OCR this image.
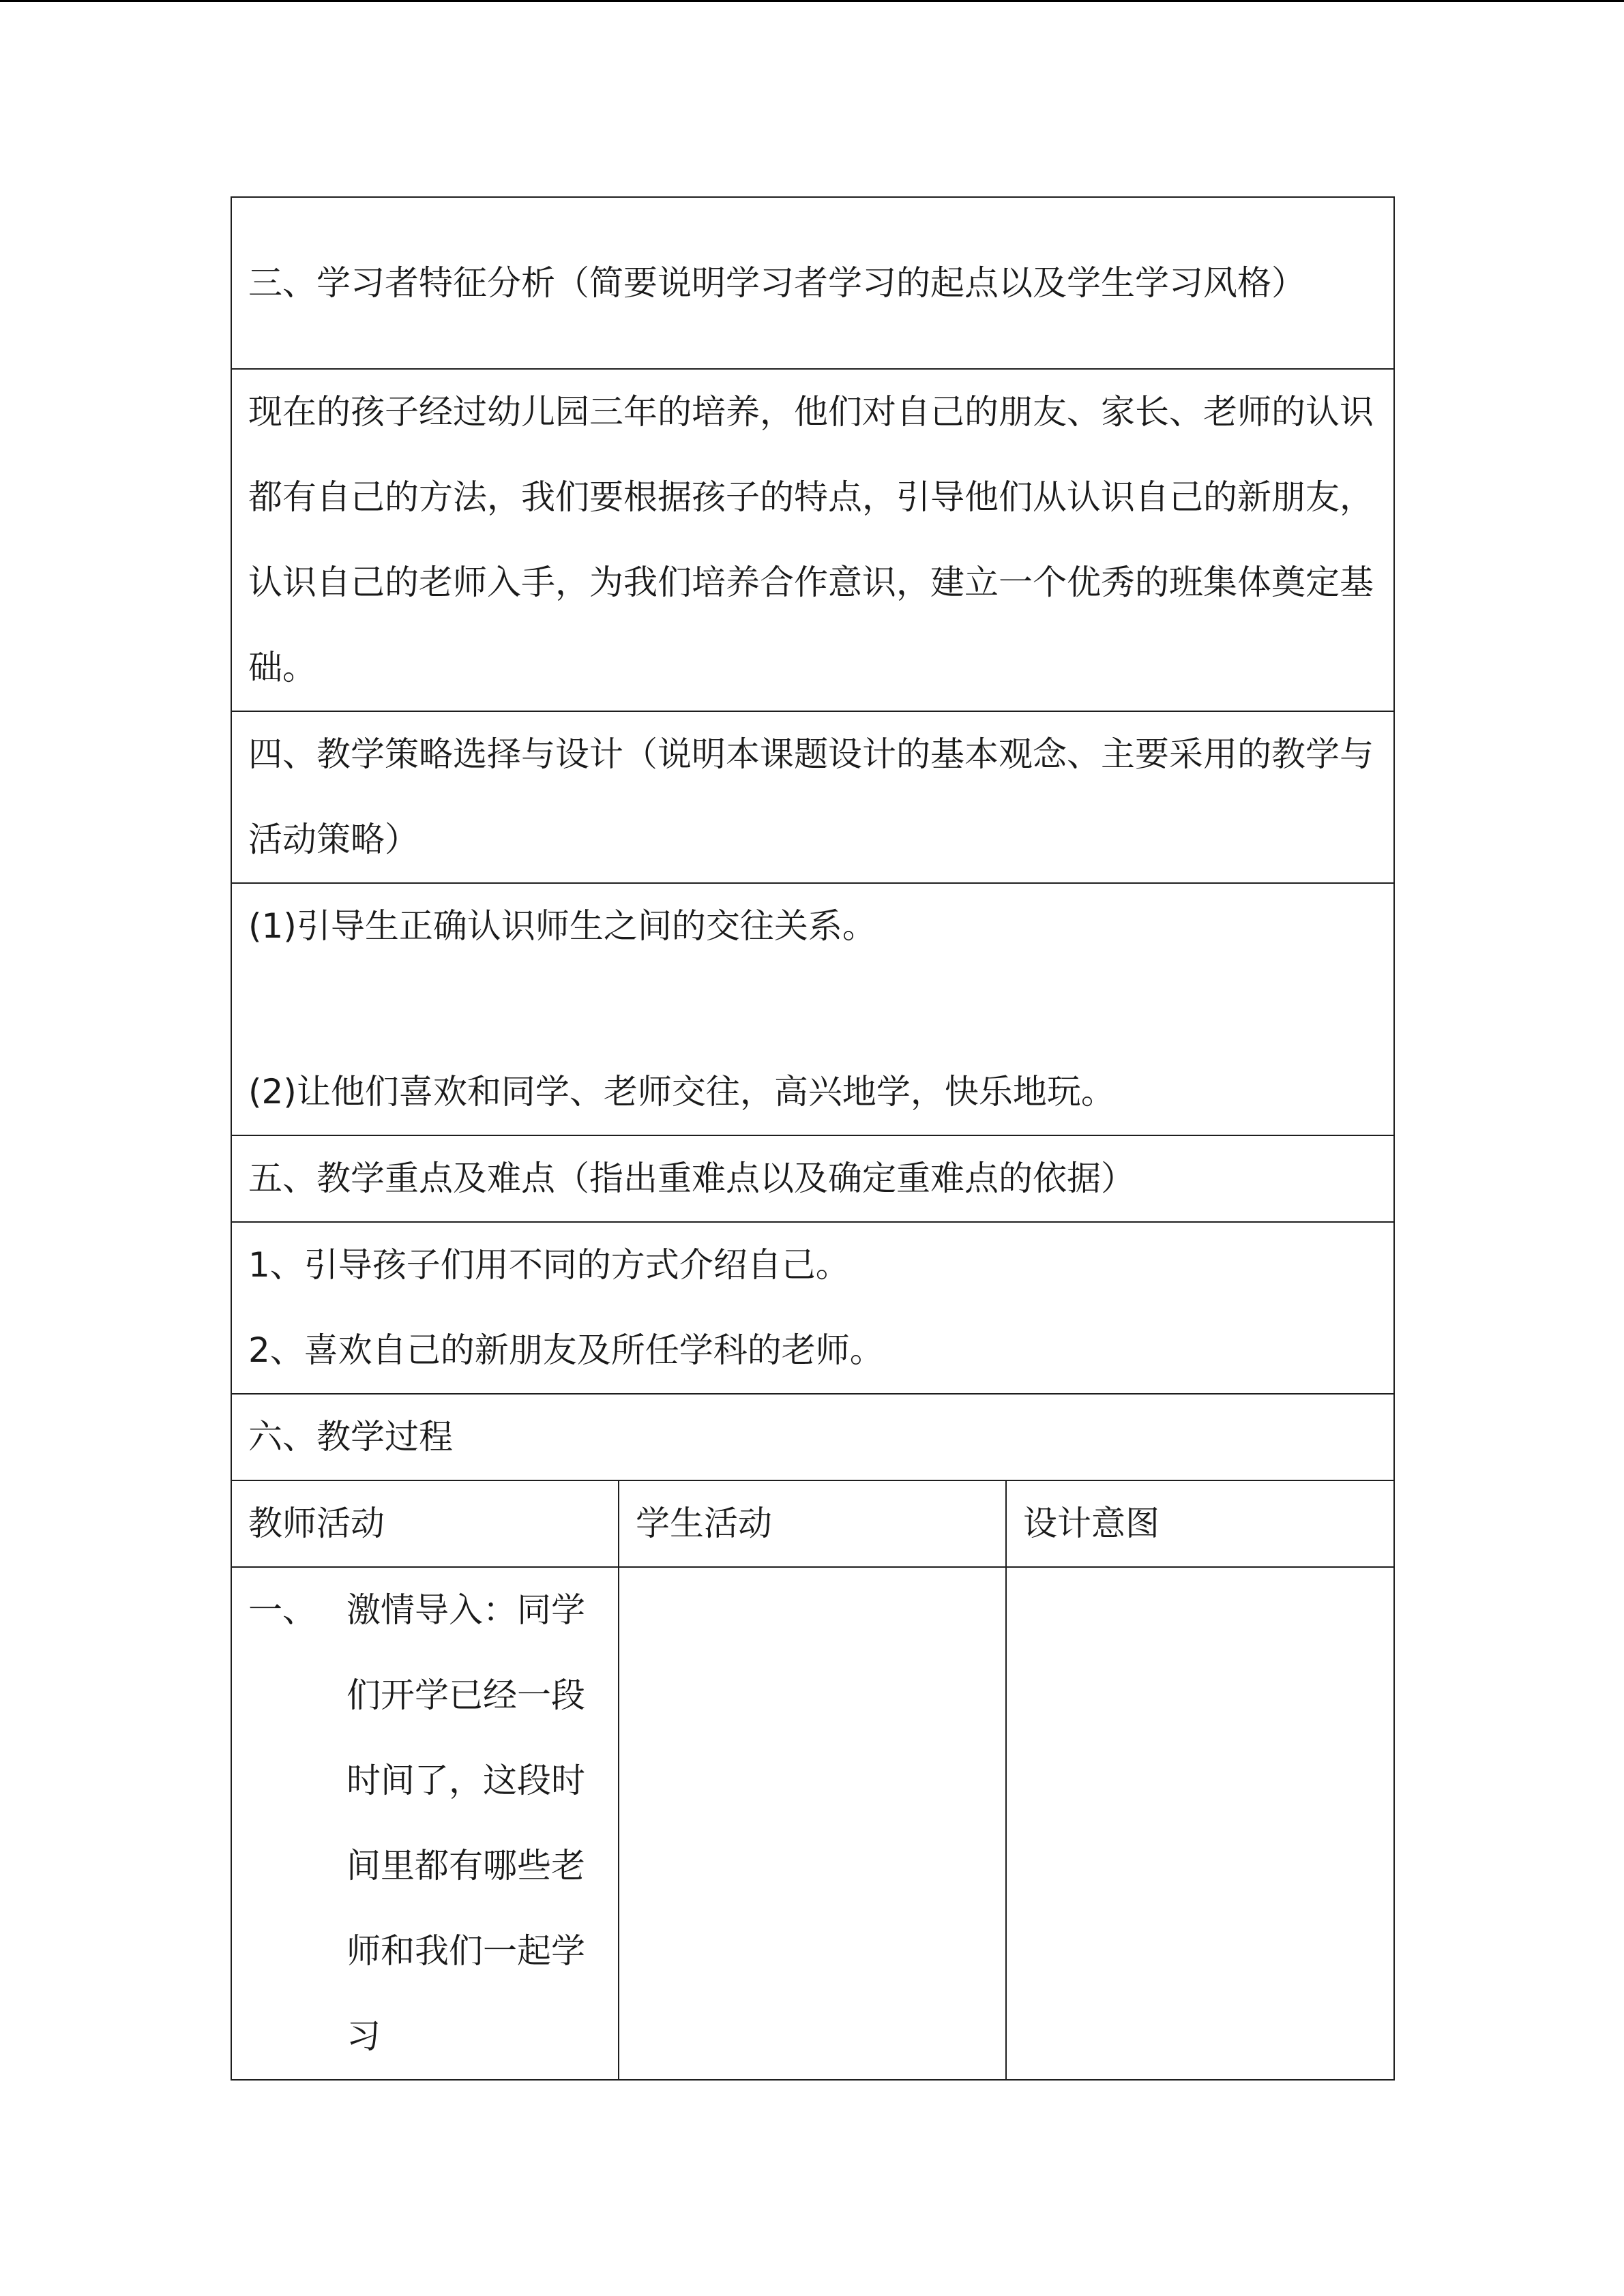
三、学习者特征分析（简要说明学习者学习的起点以及学生学习风格）		
现在的孩子经过幼儿园三年的培养，他们对自己的朋友、家长、老师的认识都有自己的方法，我们要根据孩子的特点，引导他们从认识自己的新朋友，认识自己的老师入手，为我们培养合作意识，建立一个优秀的班集体奠定基础。		
四、教学策略选择与设计（说明本课题设计的基本观念、主要采用的教学与活动策略）		

(1)引导生正确认识师生之间的交往关系。
(2)让他们喜欢和同学、老师交往，高兴地学，快乐地玩。		

五、教学重点及难点（指出重难点以及确定重难点的依据）		

1、引导孩子们用不同的方式介绍自己。
2、喜欢自己的新朋友及所任学科的老师。		

六、教学过程		
教师活动	学生活动	设计意图

一、 激情导入：同学们开学已经一段时间了，这段时间里都有哪些老师和我们一起学习		
